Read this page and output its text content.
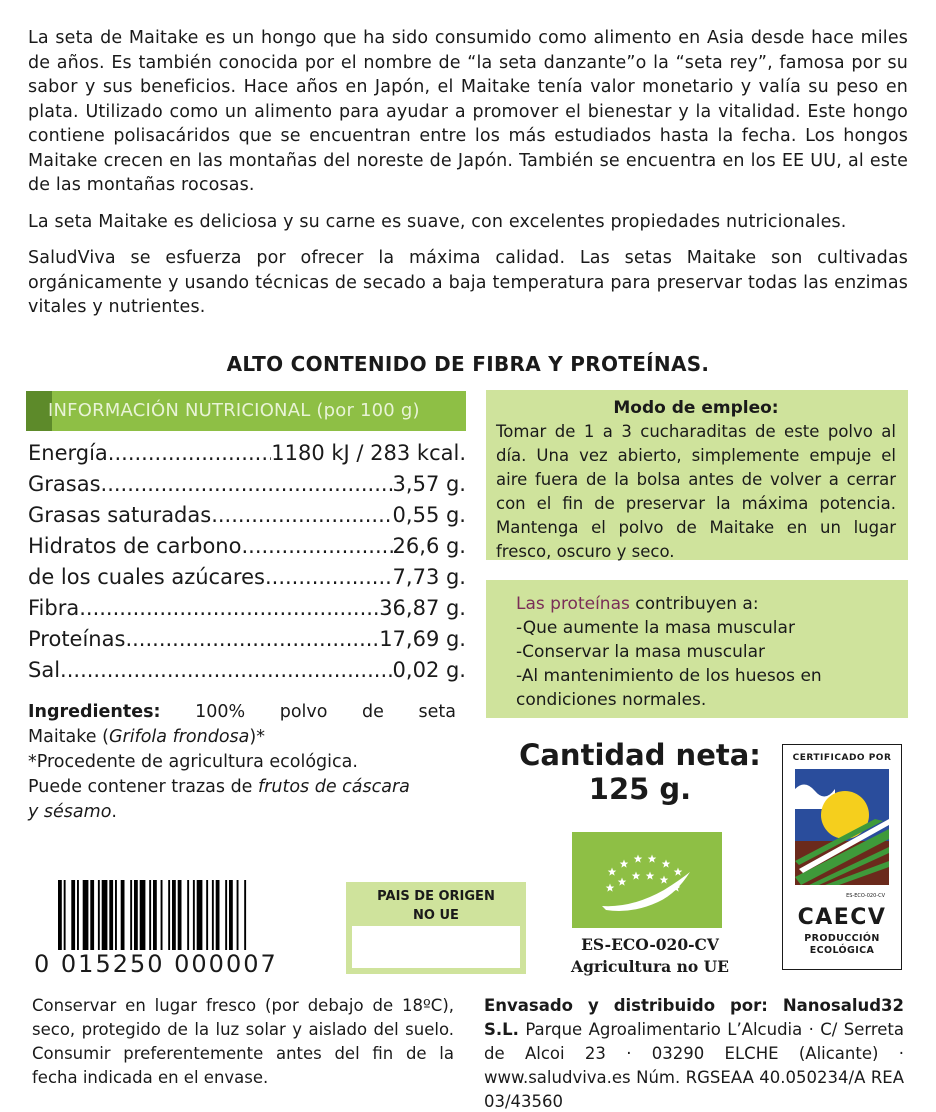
La seta de Maitake es un hongo que ha sido consumido como alimento en Asia desde hace miles de años. Es también conocida por el nombre de “la seta danzante”o la “seta rey”, famosa por su sabor y sus beneficios. Hace años en Japón, el Maitake tenía valor monetario y valía su peso en plata. Utilizado como un alimento para ayudar a promover el bienestar y la vitalidad. Este hongo contiene polisacáridos que se encuentran entre los más estudiados hasta la fecha. Los hongos Maitake crecen en las montañas del noreste de Japón. También se encuentra en los EE UU, al este de las montañas rocosas.

La seta Maitake es deliciosa y su carne es suave, con excelentes propiedades nutricionales.

SaludViva se esfuerza por ofrecer la máxima calidad. Las setas Maitake son cultivadas orgánicamente y usando técnicas de secado a baja temperatura para preservar todas las enzimas vitales y nutrientes.

ALTO CONTENIDO DE FIBRA Y PROTEÍNAS.
INFORMACIÓN NUTRICIONAL (por 100 g)
Energía .....	1180 kJ / 283 kcal.
Grasas .....	3,57 g.
Grasas saturadas .....	0,55 g.
Hidratos de carbono .....	26,6 g.
de los cuales azúcares .....	7,73 g.
Fibra .....	36,87 g.
Proteínas .....	17,69 g.
Sal .....	0,02 g.
Ingredientes: 100% polvo de seta
Maitake (Grifola frondosa)*
*Procedente de agricultura ecológica.
Puede contener trazas de frutos de cáscara
y sésamo.
Modo de empleo:

Tomar de 1 a 3 cucharaditas de este polvo al día. Una vez abierto, simplemente empuje el aire fuera de la bolsa antes de volver a cerrar con el fin de preservar la máxima potencia. Mantenga el polvo de Maitake en un lugar fresco, oscuro y seco.

Las proteínas contribuyen a:
-Que aumente la masa muscular
-Conservar la masa muscular
-Al mantenimiento de los huesos en
condiciones normales.
Cantidad neta:
125 g.
CERTIFICADO POR
ES-ECO-020-CV
CAECV
PRODUCCIÓN
ECOLÓGICA
ES-ECO-020-CV
Agricultura no UE
0 015250 000007
PAIS DE ORIGEN
NO UE
Conservar en lugar fresco (por debajo de 18ºC), seco, protegido de la luz solar y aislado del suelo. Consumir preferentemente antes del fin de la fecha indicada en el envase.
Envasado y distribuido por: Nanosalud32 S.L. Parque Agroalimentario L’Alcudia · C/ Serreta de Alcoi 23 · 03290 ELCHE (Alicante) · www.saludviva.es Núm. RGSEAA 40.050234/A REA 03/43560
